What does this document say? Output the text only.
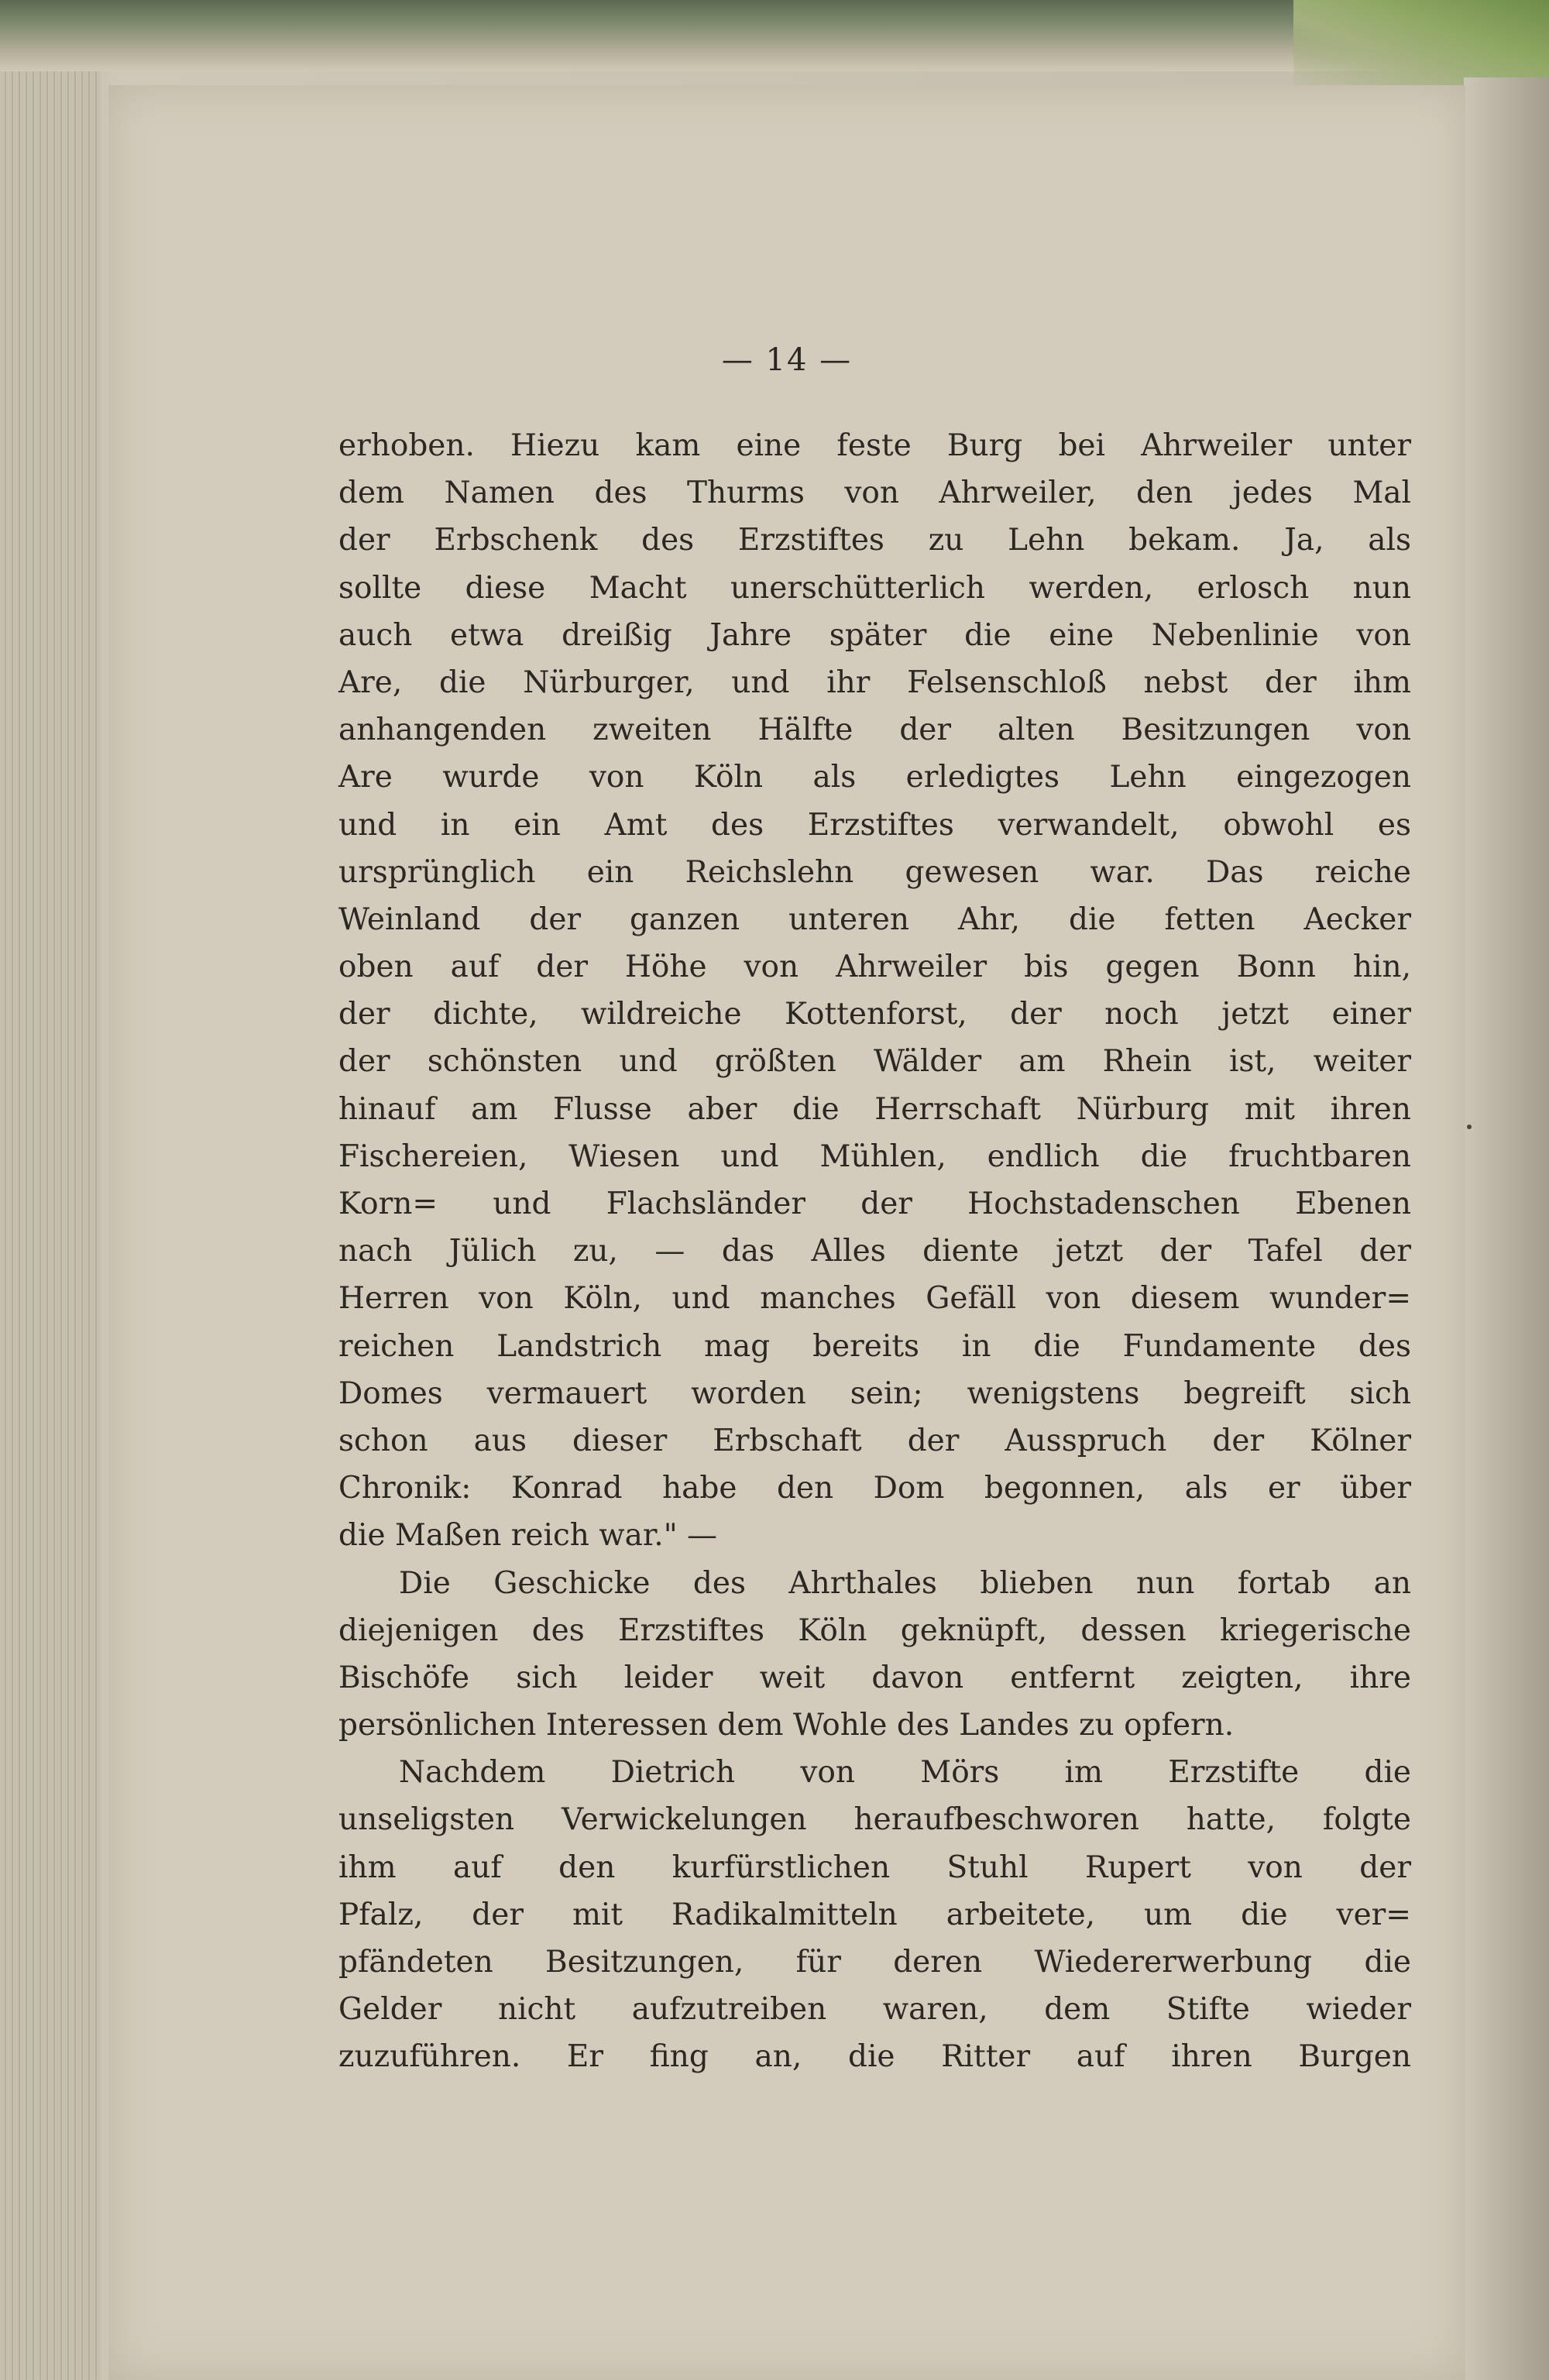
— 14 —
erhoben. Hiezu kam eine feste Burg bei Ahrweiler unter
dem Namen des Thurms von Ahrweiler, den jedes Mal
der Erbschenk des Erzstiftes zu Lehn bekam. Ja, als
sollte diese Macht unerschütterlich werden, erlosch nun
auch etwa dreißig Jahre später die eine Nebenlinie von
Are, die Nürburger, und ihr Felsenschloß nebst der ihm
anhangenden zweiten Hälfte der alten Besitzungen von
Are wurde von Köln als erledigtes Lehn eingezogen
und in ein Amt des Erzstiftes verwandelt, obwohl es
ursprünglich ein Reichslehn gewesen war. Das reiche
Weinland der ganzen unteren Ahr, die fetten Aecker
oben auf der Höhe von Ahrweiler bis gegen Bonn hin,
der dichte, wildreiche Kottenforst, der noch jetzt einer
der schönsten und größten Wälder am Rhein ist, weiter
hinauf am Flusse aber die Herrschaft Nürburg mit ihren
Fischereien, Wiesen und Mühlen, endlich die fruchtbaren
Korn= und Flachsländer der Hochstadenschen Ebenen
nach Jülich zu, — das Alles diente jetzt der Tafel der
Herren von Köln, und manches Gefäll von diesem wunder=
reichen Landstrich mag bereits in die Fundamente des
Domes vermauert worden sein; wenigstens begreift sich
schon aus dieser Erbschaft der Ausspruch der Kölner
Chronik: Konrad habe den Dom begonnen, als er über
die Maßen reich war." —
Die Geschicke des Ahrthales blieben nun fortab an
diejenigen des Erzstiftes Köln geknüpft, dessen kriegerische
Bischöfe sich leider weit davon entfernt zeigten, ihre
persönlichen Interessen dem Wohle des Landes zu opfern.
Nachdem Dietrich von Mörs im Erzstifte die
unseligsten Verwickelungen heraufbeschworen hatte, folgte
ihm auf den kurfürstlichen Stuhl Rupert von der
Pfalz, der mit Radikalmitteln arbeitete, um die ver=
pfändeten Besitzungen, für deren Wiedererwerbung die
Gelder nicht aufzutreiben waren, dem Stifte wieder
zuzuführen. Er fing an, die Ritter auf ihren Burgen
